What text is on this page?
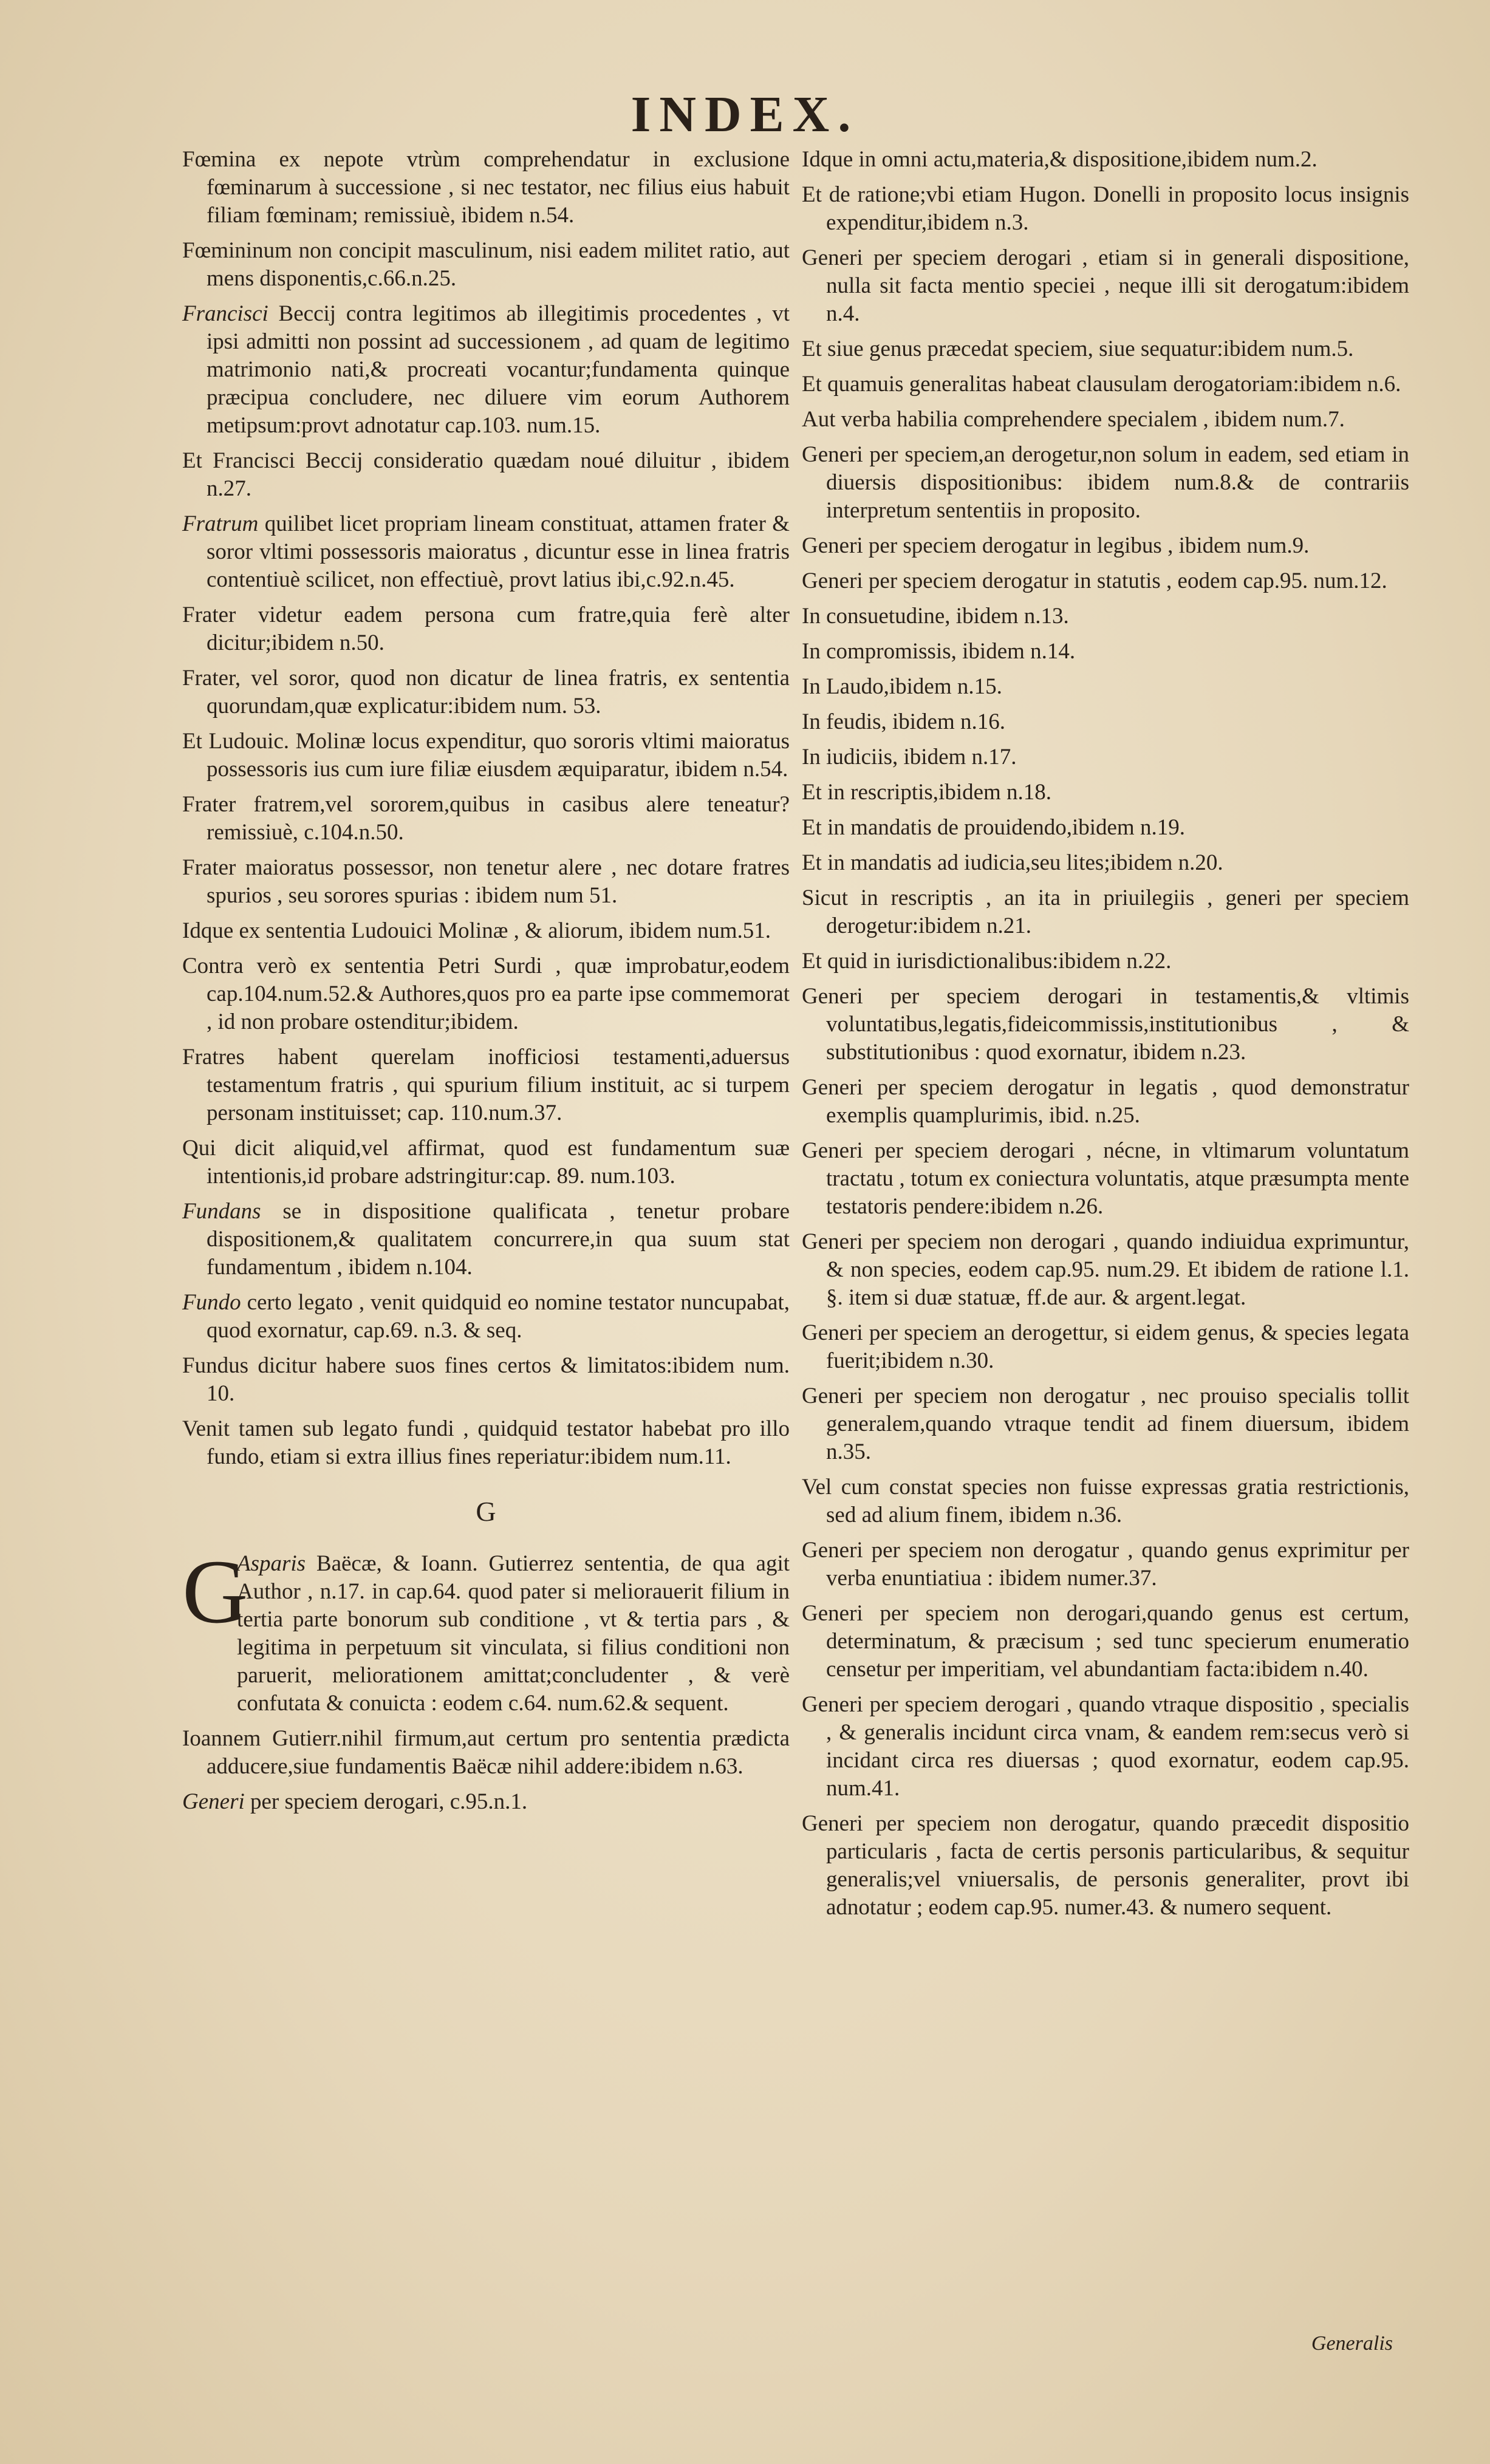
INDEX.
Fœmina ex nepote vtrùm comprehendatur in exclusione fœminarum à successione , si nec testator, nec filius eius habuit filiam fœminam; remissiuè, ibidem n.54.
Fœmininum non concipit masculinum, nisi eadem militet ratio, aut mens disponentis,c.66.n.25.
Francisci Beccij contra legitimos ab illegitimis procedentes , vt ipsi admitti non possint ad successionem , ad quam de legitimo matrimonio nati,& procreati vocantur;fundamenta quinque præcipua concludere, nec diluere vim eorum Authorem metipsum:provt adnotatur cap.103. num.15.
Et Francisci Beccij consideratio quædam noué diluitur , ibidem n.27.
Fratrum quilibet licet propriam lineam constituat, attamen frater & soror vltimi possessoris maioratus , dicuntur esse in linea fratris contentiuè scilicet, non effectiuè, provt latius ibi,c.92.n.45.
Frater videtur eadem persona cum fratre,quia ferè alter dicitur;ibidem n.50.
Frater, vel soror, quod non dicatur de linea fratris, ex sententia quorundam,quæ explicatur:ibidem num. 53.
Et Ludouic. Molinæ locus expenditur, quo sororis vltimi maioratus possessoris ius cum iure filiæ eiusdem æquiparatur, ibidem n.54.
Frater fratrem,vel sororem,quibus in casibus alere teneatur?remissiuè, c.104.n.50.
Frater maioratus possessor, non tenetur alere , nec dotare fratres spurios , seu sorores spurias : ibidem num 51.
Idque ex sententia Ludouici Molinæ , & aliorum, ibidem num.51.
Contra verò ex sententia Petri Surdi , quæ improbatur,eodem cap.104.num.52.& Authores,quos pro ea parte ipse commemorat , id non probare ostenditur;ibidem.
Fratres habent querelam inofficiosi testamenti,aduersus testamentum fratris , qui spurium filium instituit, ac si turpem personam instituisset; cap. 110.num.37.
Qui dicit aliquid,vel affirmat, quod est fundamentum suæ intentionis,id probare adstringitur:cap. 89. num.103.
Fundans se in dispositione qualificata , tenetur probare dispositionem,& qualitatem concurrere,in qua suum stat fundamentum , ibidem n.104.
Fundo certo legato , venit quidquid eo nomine testator nuncupabat, quod exornatur, cap.69. n.3. & seq.
Fundus dicitur habere suos fines certos & limitatos:ibidem num. 10.
Venit tamen sub legato fundi , quidquid testator habebat pro illo fundo, etiam si extra illius fines reperiatur:ibidem num.11.
G
G
Asparis Baëcæ, & Ioann. Gutierrez sententia, de qua agit Author , n.17. in cap.64. quod pater si meliorauerit filium in tertia parte bonorum sub conditione , vt & tertia pars , & legitima in perpetuum sit vinculata, si filius conditioni non paruerit, meliorationem amittat;concludenter , & verè confutata & conuicta : eodem c.64. num.62.& sequent.
Ioannem Gutierr.nihil firmum,aut certum pro sententia prædicta adducere,siue fundamentis Baëcæ nihil addere:ibidem n.63.
Generi per speciem derogari, c.95.n.1.
Idque in omni actu,materia,& dispositione,ibidem num.2.
Et de ratione;vbi etiam Hugon. Donelli in proposito locus insignis expenditur,ibidem n.3.
Generi per speciem derogari , etiam si in generali dispositione, nulla sit facta mentio speciei , neque illi sit derogatum:ibidem n.4.
Et siue genus præcedat speciem, siue sequatur:ibidem num.5.
Et quamuis generalitas habeat clausulam derogatoriam:ibidem n.6.
Aut verba habilia comprehendere specialem , ibidem num.7.
Generi per speciem,an derogetur,non solum in eadem, sed etiam in diuersis dispositionibus: ibidem num.8.& de contrariis interpretum sententiis in proposito.
Generi per speciem derogatur in legibus , ibidem num.9.
Generi per speciem derogatur in statutis , eodem cap.95. num.12.
In consuetudine, ibidem n.13.
In compromissis, ibidem n.14.
In Laudo,ibidem n.15.
In feudis, ibidem n.16.
In iudiciis, ibidem n.17.
Et in rescriptis,ibidem n.18.
Et in mandatis de prouidendo,ibidem n.19.
Et in mandatis ad iudicia,seu lites;ibidem n.20.
Sicut in rescriptis , an ita in priuilegiis , generi per speciem derogetur:ibidem n.21.
Et quid in iurisdictionalibus:ibidem n.22.
Generi per speciem derogari in testamentis,& vltimis voluntatibus,legatis,fideicommissis,institutionibus , & substitutionibus : quod exornatur, ibidem n.23.
Generi per speciem derogatur in legatis , quod demonstratur exemplis quamplurimis, ibid. n.25.
Generi per speciem derogari , nécne, in vltimarum voluntatum tractatu , totum ex coniectura voluntatis, atque præsumpta mente testatoris pendere:ibidem n.26.
Generi per speciem non derogari , quando indiuidua exprimuntur, & non species, eodem cap.95. num.29. Et ibidem de ratione l.1. §. item si duæ statuæ, ff.de aur. & argent.legat.
Generi per speciem an derogettur, si eidem genus, & species legata fuerit;ibidem n.30.
Generi per speciem non derogatur , nec prouiso specialis tollit generalem,quando vtraque tendit ad finem diuersum, ibidem n.35.
Vel cum constat species non fuisse expressas gratia restrictionis, sed ad alium finem, ibidem n.36.
Generi per speciem non derogatur , quando genus exprimitur per verba enuntiatiua : ibidem numer.37.
Generi per speciem non derogari,quando genus est certum, determinatum, & præcisum ; sed tunc specierum enumeratio censetur per imperitiam, vel abundantiam facta:ibidem n.40.
Generi per speciem derogari , quando vtraque dispositio , specialis , & generalis incidunt circa vnam, & eandem rem:secus verò si incidant circa res diuersas ; quod exornatur, eodem cap.95. num.41.
Generi per speciem non derogatur, quando præcedit dispositio particularis , facta de certis personis particularibus, & sequitur generalis;vel vniuersalis, de personis generaliter, provt ibi adnotatur ; eodem cap.95. numer.43. & numero sequent.
Generalis
